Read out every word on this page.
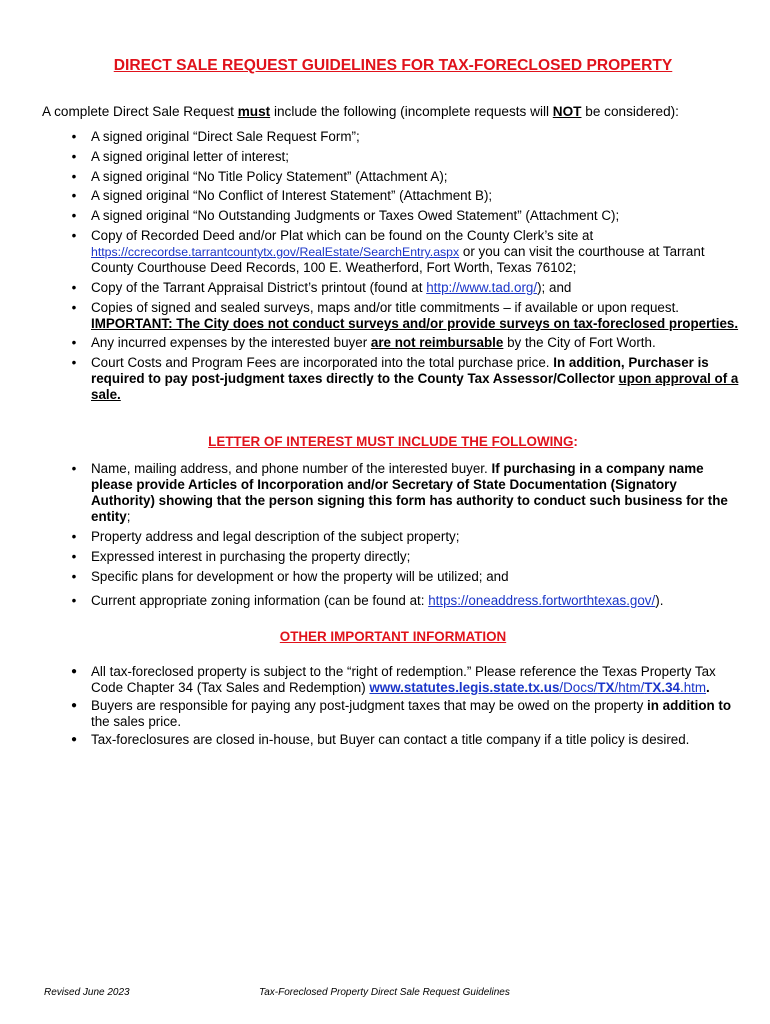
DIRECT SALE REQUEST GUIDELINES FOR TAX-FORECLOSED PROPERTY
A complete Direct Sale Request must include the following (incomplete requests will NOT be considered):
• A signed original “Direct Sale Request Form”;
• A signed original letter of interest;
• A signed original “No Title Policy Statement” (Attachment A);
• A signed original “No Conflict of Interest Statement” (Attachment B);
• A signed original “No Outstanding Judgments or Taxes Owed Statement” (Attachment C);
• Copy of Recorded Deed and/or Plat which can be found on the County Clerk’s site at
https://ccrecordse.tarrantcountytx.gov/RealEstate/SearchEntry.aspx or you can visit the courthouse at Tarrant County Courthouse Deed Records, 100 E. Weatherford, Fort Worth, Texas 76102;
• Copy of the Tarrant Appraisal District’s printout (found at http://www.tad.org/); and
• Copies of signed and sealed surveys, maps and/or title commitments – if available or upon request.
IMPORTANT: The City does not conduct surveys and/or provide surveys on tax-foreclosed properties.
• Any incurred expenses by the interested buyer are not reimbursable by the City of Fort Worth.
• Court Costs and Program Fees are incorporated into the total purchase price. In addition, Purchaser is required to pay post-judgment taxes directly to the County Tax Assessor/Collector upon approval of a sale.
LETTER OF INTEREST MUST INCLUDE THE FOLLOWING:
• Name, mailing address, and phone number of the interested buyer. If purchasing in a company name please provide Articles of Incorporation and/or Secretary of State Documentation (Signatory Authority) showing that the person signing this form has authority to conduct such business for the entity;
• Property address and legal description of the subject property;
• Expressed interest in purchasing the property directly;
• Specific plans for development or how the property will be utilized; and
• Current appropriate zoning information (can be found at: https://oneaddress.fortworthtexas.gov/).
OTHER IMPORTANT INFORMATION
● All tax-foreclosed property is subject to the “right of redemption.” Please reference the Texas Property Tax Code Chapter 34 (Tax Sales and Redemption) www.statutes.legis.state.tx.us/Docs/TX/htm/TX.34.htm.
● Buyers are responsible for paying any post-judgment taxes that may be owed on the property in addition to the sales price.
● Tax-foreclosures are closed in-house, but Buyer can contact a title company if a title policy is desired.
Revised June 2023	Tax-Foreclosed Property Direct Sale Request Guidelines
